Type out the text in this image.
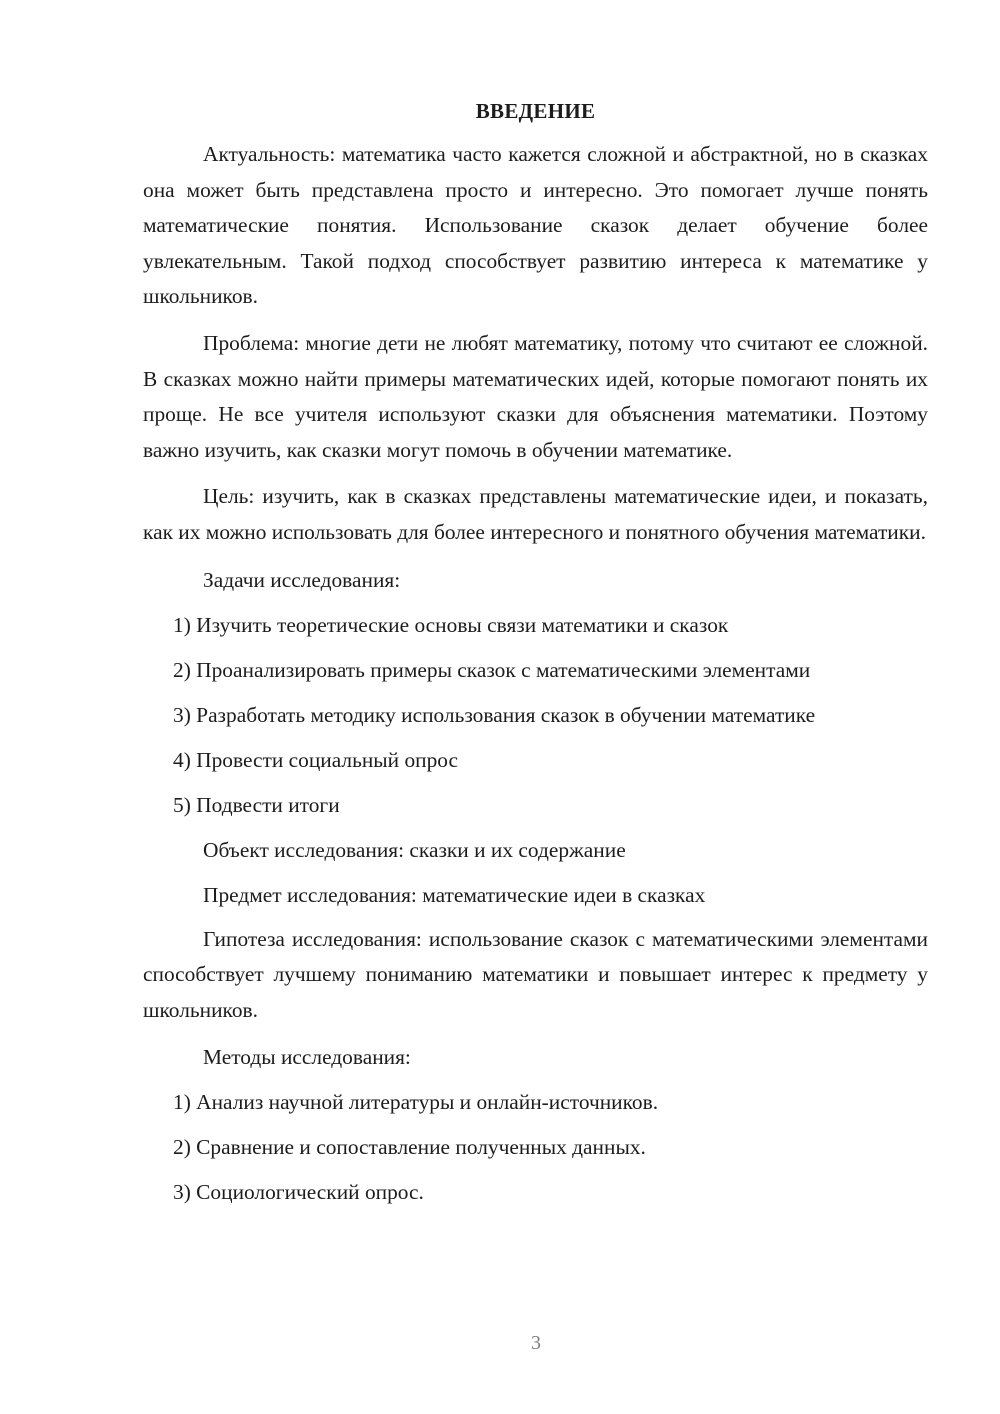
ВВЕДЕНИЕ

Актуальность: математика часто кажется сложной и абстрактной, но в сказках она может быть представлена просто и интересно. Это помогает лучше понять математические понятия. Использование сказок делает обучение более увлекательным. Такой подход способствует развитию интереса к математике у школьников.

Проблема: многие дети не любят математику, потому что считают ее сложной. В сказках можно найти примеры математических идей, которые помогают понять их проще. Не все учителя используют сказки для объяснения математики. Поэтому важно изучить, как сказки могут помочь в обучении математике.

Цель: изучить, как в сказках представлены математические идеи, и показать, как их можно использовать для более интересного и понятного обучения математики.

Задачи исследования:
1) Изучить теоретические основы связи математики и сказок
2) Проанализировать примеры сказок с математическими элементами
3) Разработать методику использования сказок в обучении математике
4) Провести социальный опрос
5) Подвести итоги
Объект исследования: сказки и их содержание
Предмет исследования: математические идеи в сказках

Гипотеза исследования: использование сказок с математическими элементами способствует лучшему пониманию математики и повышает интерес к предмету у школьников.

Методы исследования:
1) Анализ научной литературы и онлайн-источников.
2) Сравнение и сопоставление полученных данных.
3) Социологический опрос.
3
